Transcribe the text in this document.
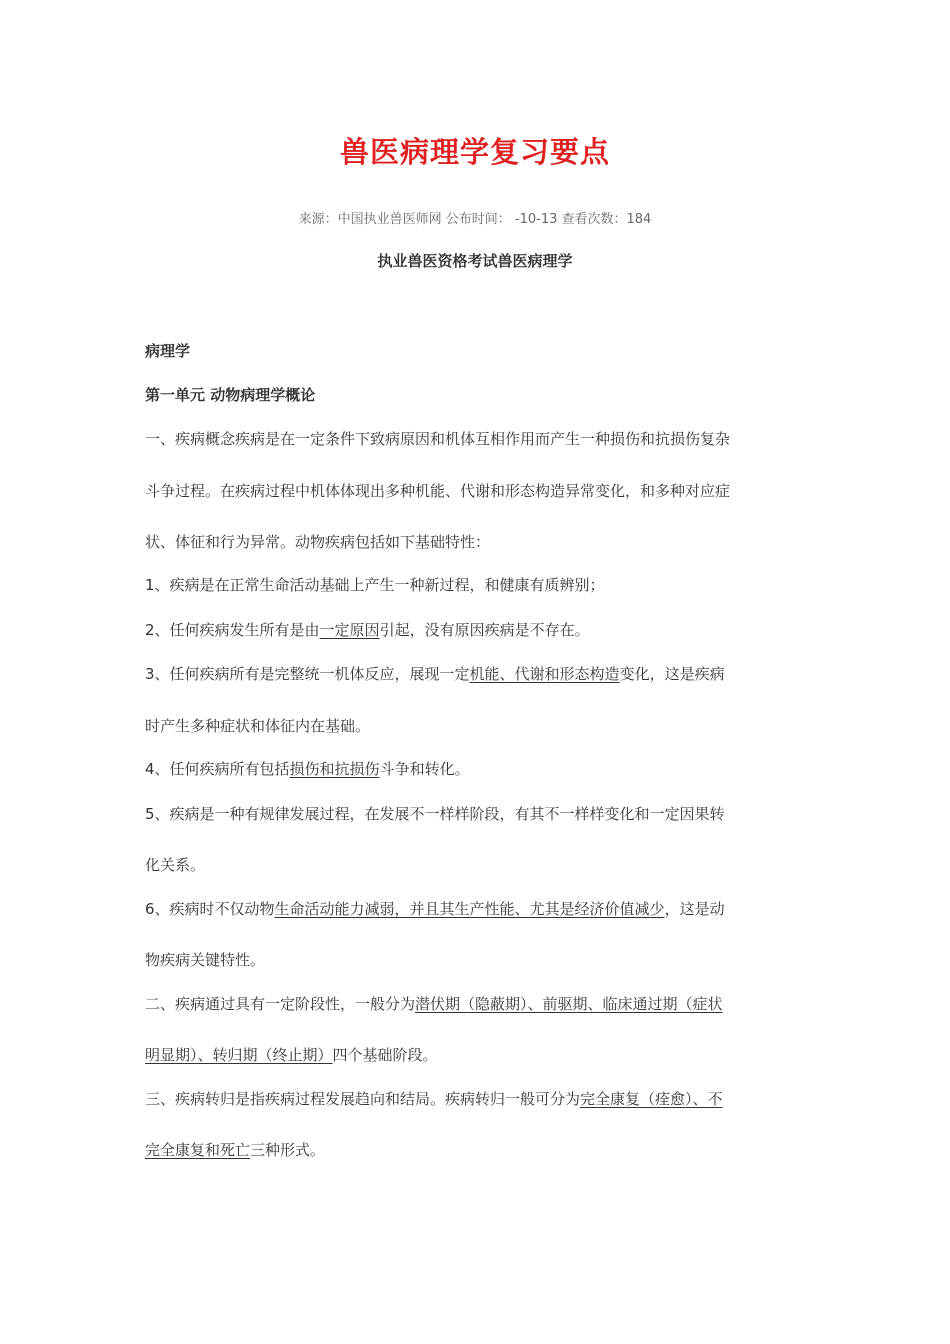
兽医病理学复习要点
来源：中国执业兽医师网 公布时间： -10-13 查看次数：184
执业兽医资格考试兽医病理学
病理学
第一单元 动物病理学概论
一、疾病概念疾病是在一定条件下致病原因和机体互相作用而产生一种损伤和抗损伤复杂
斗争过程。在疾病过程中机体体现出多种机能、代谢和形态构造异常变化，和多种对应症
状、体征和行为异常。动物疾病包括如下基础特性：
1、疾病是在正常生命活动基础上产生一种新过程，和健康有质辨别；
2、任何疾病发生所有是由一定原因引起，没有原因疾病是不存在。
3、任何疾病所有是完整统一机体反应，展现一定机能、代谢和形态构造变化，这是疾病
时产生多种症状和体征内在基础。
4、任何疾病所有包括损伤和抗损伤斗争和转化。
5、疾病是一种有规律发展过程，在发展不一样样阶段，有其不一样样变化和一定因果转
化关系。
6、疾病时不仅动物生命活动能力减弱，并且其生产性能、尤其是经济价值减少，这是动
物疾病关键特性。
二、疾病通过具有一定阶段性，一般分为潜伏期（隐蔽期）、前驱期、临床通过期（症状
明显期）、转归期（终止期）四个基础阶段。
三、疾病转归是指疾病过程发展趋向和结局。疾病转归一般可分为完全康复（痊愈）、不
完全康复和死亡三种形式。
